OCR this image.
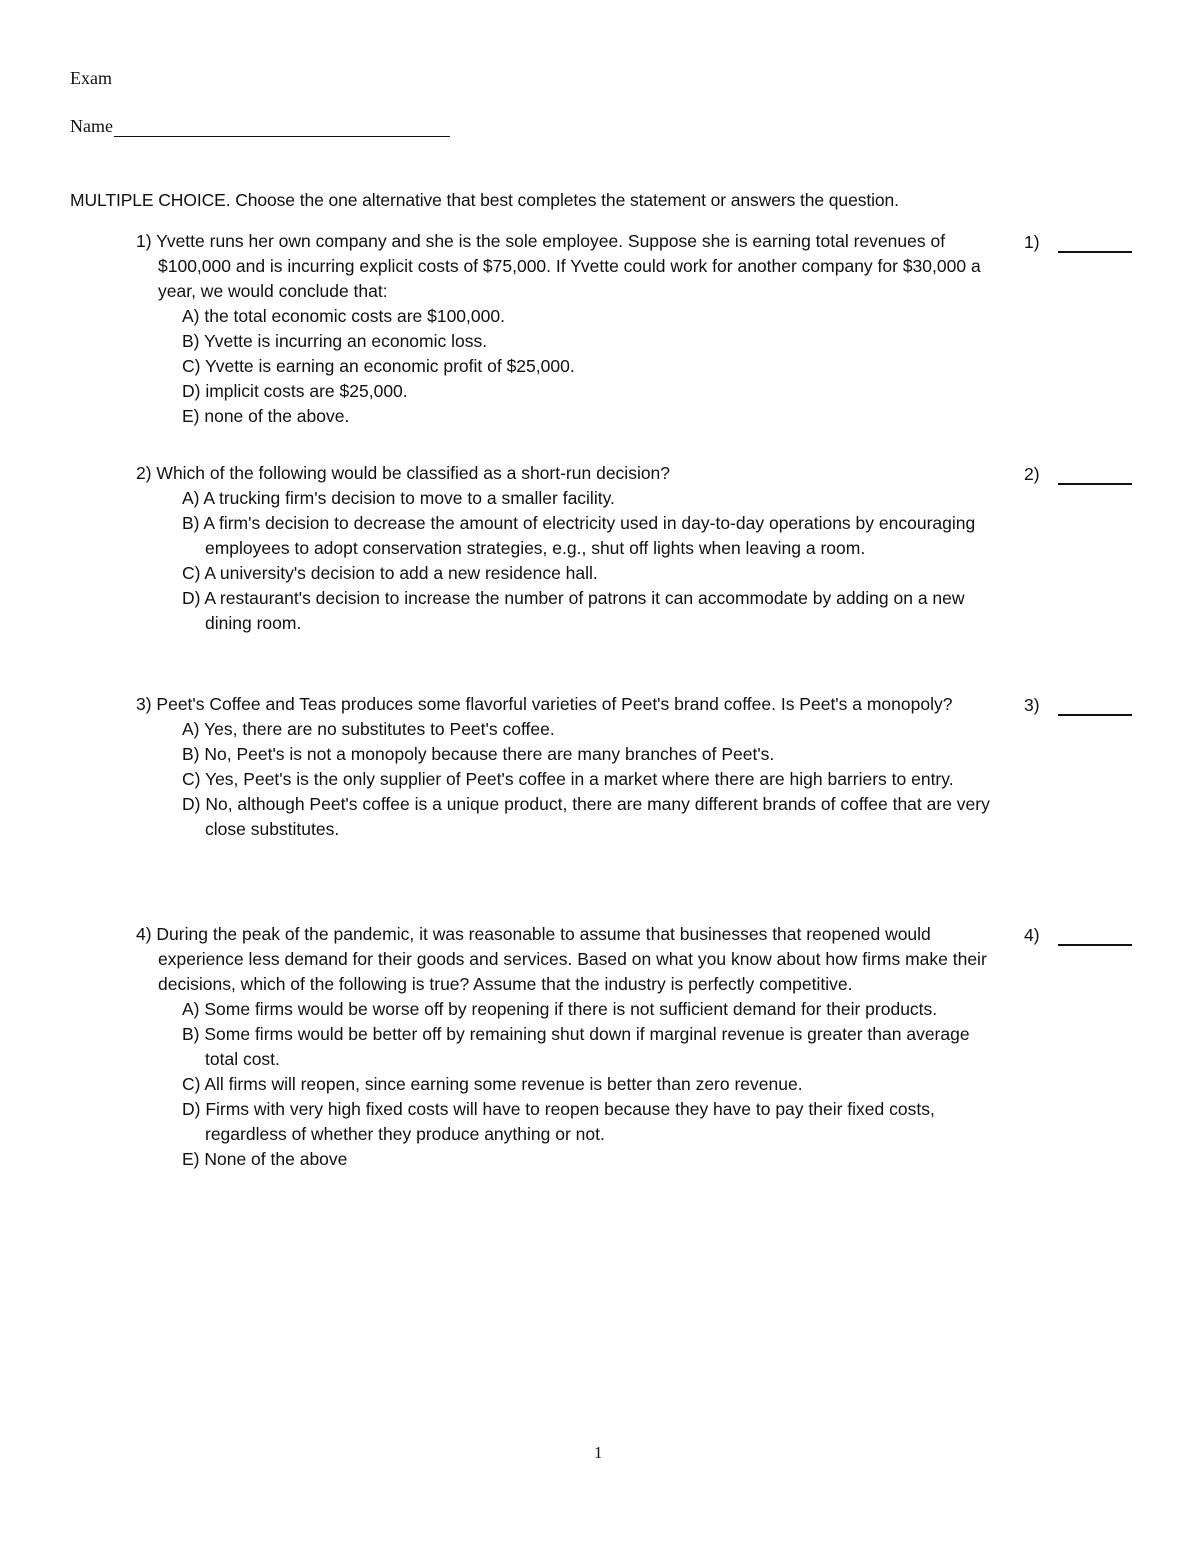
Exam
Name
MULTIPLE CHOICE. Choose the one alternative that best completes the statement or answers the question.
1) Yvette runs her own company and she is the sole employee. Suppose she is earning total revenues of $100,000 and is incurring explicit costs of $75,000. If Yvette could work for another company for $30,000 a year, we would conclude that:
A) the total economic costs are $100,000.
B) Yvette is incurring an economic loss.
C) Yvette is earning an economic profit of $25,000.
D) implicit costs are $25,000.
E) none of the above.
1)
2) Which of the following would be classified as a short-run decision?
A) A trucking firm's decision to move to a smaller facility.
B) A firm's decision to decrease the amount of electricity used in day-to-day operations by encouraging employees to adopt conservation strategies, e.g., shut off lights when leaving a room.
C) A university's decision to add a new residence hall.
D) A restaurant's decision to increase the number of patrons it can accommodate by adding on a new dining room.
2)
3) Peet's Coffee and Teas produces some flavorful varieties of Peet's brand coffee. Is Peet's a monopoly?
A) Yes, there are no substitutes to Peet's coffee.
B) No, Peet's is not a monopoly because there are many branches of Peet's.
C) Yes, Peet's is the only supplier of Peet's coffee in a market where there are high barriers to entry.
D) No, although Peet's coffee is a unique product, there are many different brands of coffee that are very close substitutes.
3)
4) During the peak of the pandemic, it was reasonable to assume that businesses that reopened would experience less demand for their goods and services. Based on what you know about how firms make their decisions, which of the following is true? Assume that the industry is perfectly competitive.
A) Some firms would be worse off by reopening if there is not sufficient demand for their products.
B) Some firms would be better off by remaining shut down if marginal revenue is greater than average total cost.
C) All firms will reopen, since earning some revenue is better than zero revenue.
D) Firms with very high fixed costs will have to reopen because they have to pay their fixed costs, regardless of whether they produce anything or not.
E) None of the above
4)
1
